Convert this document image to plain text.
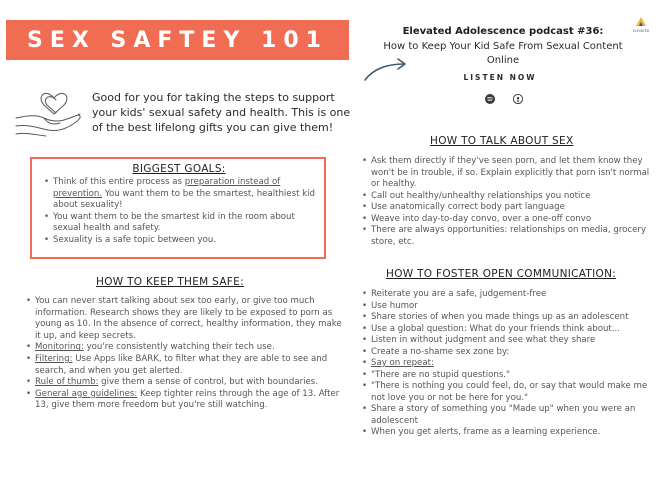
SEX SAFTEY 101
Good for you for taking the steps to support your kids' sexual safety and health. This is one of the best lifelong gifts you can give them!
BIGGEST GOALS:
• Think of this entire process as preparation instead of prevention. You want them to be the smartest, healthiest kid about sexuality!
• You want them to be the smartest kid in the room about sexual health and safety.
• Sexuality is a safe topic between you.
HOW TO KEEP THEM SAFE:
• You can never start talking about sex too early, or give too much information. Research shows they are likely to be exposed to porn as young as 10. In the absence of correct, healthy information, they make it up, and keep secrets.
• Monitoring: you're consistently watching their tech use.
• Filtering: Use Apps like BARK, to filter what they are able to see and search, and when you get alerted.
• Rule of thumb: give them a sense of control, but with boundaries.
• General age guidelines: Keep tighter reins through the age of 13. After 13, give them more freedom but you're still watching.
ELEVATED
Elevated Adolescence podcast #36:
How to Keep Your Kid Safe From Sexual Content Online
LISTEN NOW
HOW TO TALK ABOUT SEX
• Ask them directly if they've seen porn, and let them know they won't be in trouble, if so. Explain explicitly that porn isn't normal or healthy.
• Call out healthy/unhealthy relationships you notice
• Use anatomically correct body part language
• Weave into day-to-day convo, over a one-off convo
• There are always opportunities: relationships on media, grocery store, etc.
HOW TO FOSTER OPEN COMMUNICATION:
• Reiterate you are a safe, judgement-free
• Use humor
• Share stories of when you made things up as an adolescent
• Use a global question: What do your friends think about...
• Listen in without judgment and see what they share
• Create a no-shame sex zone by:
• Say on repeat:
• "There are no stupid questions."
• "There is nothing you could feel, do, or say that would make me not love you or not be here for you."
• Share a story of something you "Made up" when you were an adolescent
• When you get alerts, frame as a learning experience.
